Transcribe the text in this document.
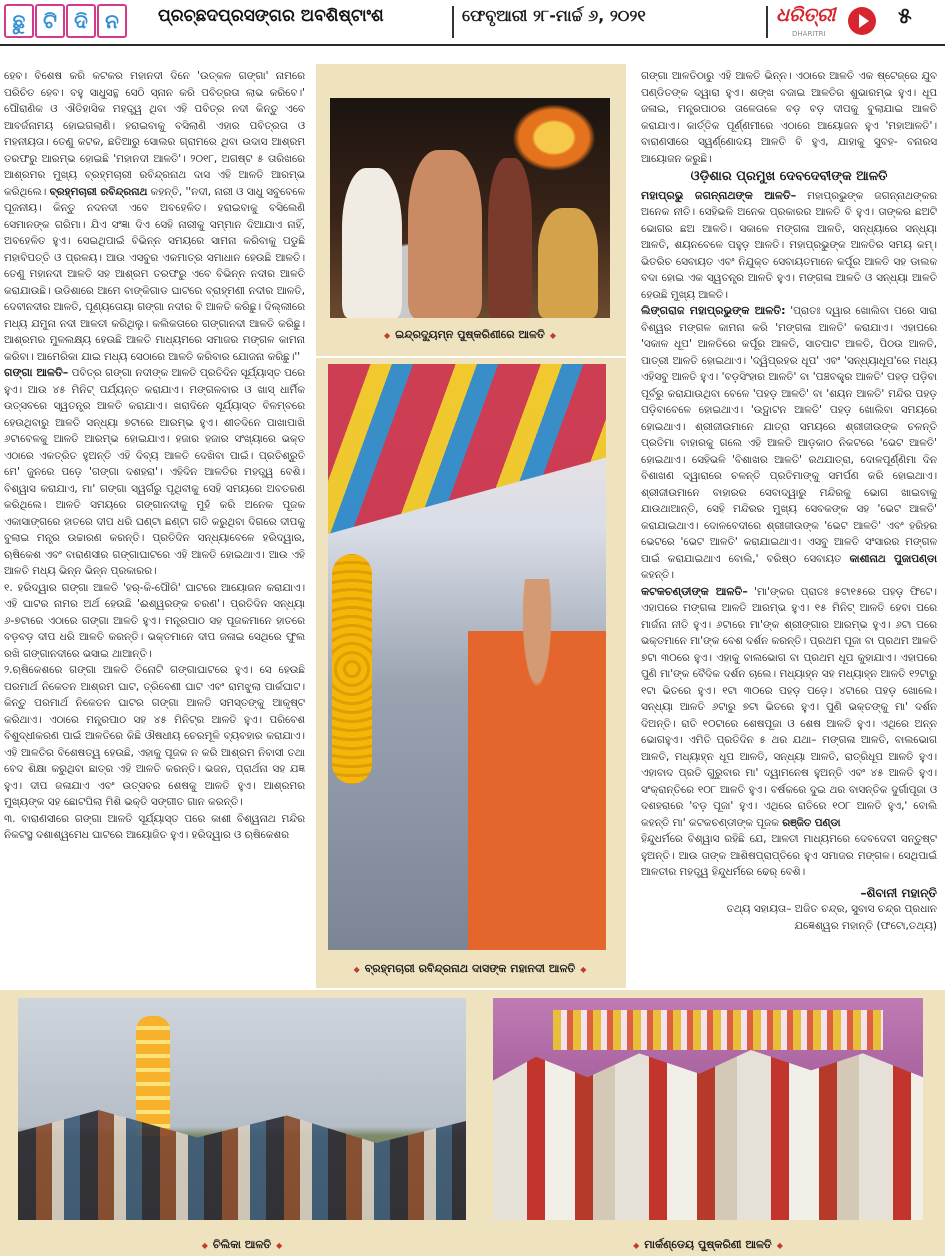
ଛୁ ଟି ଦି ନ	ପ୍ରଚ୍ଛଦପ୍ରସଙ୍ଗର ଅବଶିଷ୍ଟାଂଶ	ଫେବୃଆରୀ ୨୮-ମାର୍ଚ୍ଚ ୬, ୨୦୨୧	ଧରିତ୍ରୀ
DHARITRI
୫

ହେବ। ବିଶେଷ କରି କଟକର ମହାନଦୀ ଦିନେ 'ଉତ୍କଳ ଗଙ୍ଗା' ନାମରେ ପରିଚିତ ହେବ। ବହୁ ସାଧୁସନ୍ଥ ସେଠି ସ୍ନାନ କରି ପବିତ୍ରତା ଲାଭ କରିବେ।' ପୌରାଣିକ ଓ ଐତିହାସିକ ମହତ୍ତ୍ୱ ଥିବା ଏହି ପବିତ୍ର ନଦୀ କିନ୍ତୁ ଏବେ ଆବର୍ଜନାମୟ ହୋଇଗଲାଣି। ହରାଇବାକୁ ବସିଲାଣି ଏହାର ପବିତ୍ରତା ଓ ମହନୀୟତା। ତେଣୁ କଟକ, ଛତିଆରୁ ସୋଲର ଗ୍ରାମରେ ଥିବା ଉଦାସ ଆଶ୍ରମ ତରଫରୁ ଆରମ୍ଭ ହୋଇଛି 'ମହାନଦୀ ଆଳତି'। ୨୦୧୮, ଅଗଷ୍ଟ ୫ ତାରିଖରେ ଆଶ୍ରମର ମୁଖ୍ୟ ବ୍ରହ୍ମଚାରୀ ରବିନ୍ଦ୍ରନାଥ ଦାସ ଏହି ଆଳତି ଆରମ୍ଭ କରିଥିଲେ। ବ୍ରହ୍ମଚାରୀ ରବିନ୍ଦ୍ରନାଥ କହନ୍ତି, ''ନଦୀ, ନାରୀ ଓ ସାଧୁ ସବୁବେଳେ ପୂଜନୀୟ। କିନ୍ତୁ ନଦନଦୀ ଏବେ ଅବହେଳିତ। ହରାଇବାକୁ ବସିଲେଣି ସେମାନଙ୍କ ଗରିମା। ଯିଏ ସଂଜ୍ଞା ଦିଏ ସେହି ନାରୀକୁ ସମ୍ମାନ ଦିଆଯାଏ ନାହିଁ, ଅବହେଳିତ ହୁଏ। ସେଇଥିପାଇଁ ବିଭିନ୍ନ ସମୟରେ ସାମନା କରିବାକୁ ପଡୁଛି ମହାବିପତ୍ତି ଓ ପ୍ରଳୟ। ଆଉ ଏସବୁର ଏକମାତ୍ର ସମାଧାନ ହେଉଛି ଆଳତି। ତେଣୁ ମହାନଦୀ ଆଳତି ସହ ଆଶ୍ରମ ତରଫରୁ ଏବେ ବିଭିନ୍ନ ନଦୀର ଆଳତି କରାଯାଉଛି। ଉଡିଶାରେ ଆମେ ବାଙ୍କିଗାଡ ଘାଟରେ ବ୍ରାହ୍ମଣୀ ନଦୀର ଆଳତି, ଦେବୀନଦୀର ଆଳତି, ପୂଣ୍ୟତୋୟା ଗଙ୍ଗା ନଦୀର ବି ଆଳତି କରିଛୁ। ଦିଲ୍ଲୀରେ ମଧ୍ୟ ଯମୁନା ନଦୀ ଆଳତୀ କରିଥିଲୁ। କଲିକତାରେ ଗଙ୍ଗାନଦୀ ଆଳତି କରିଛୁ। ଆଶ୍ରମର ମୁଳଲକ୍ଷ୍ୟ ହେଉଛି ଆଳତି ମାଧ୍ୟମରେ ସମାଜର ମଙ୍ଗଳ କାମନା କରିବା। ଆମେରିକା ଯାଇ ମଧ୍ୟ ସେଠାରେ ଆଳତି କରିବାର ଯୋଜନା କରିଛୁ।''

ଗଙ୍ଗା ଆଳତି– ପବିତ୍ର ଗଙ୍ଗା ନଦୀଙ୍କ ଆଳତି ପ୍ରତିଦିନ ସୂର୍ଯ୍ୟାସ୍ତ ପରେ ହୁଏ। ଆଉ ୪୫ ମିନିଟ୍ ପର୍ଯ୍ୟନ୍ତ କରାଯାଏ। ମଙ୍ଗଳବାର ଓ ଖାସ୍ ଧାର୍ମିକ ଉତ୍ସବରେ ସ୍ୱତନ୍ତ୍ର ଆଳତି କରାଯାଏ। ଖରାଦିନେ ସୂର୍ଯ୍ୟାସ୍ତ ବିଳମ୍ବରେ ହେଉଥିବାରୁ ଆଳତି ସନ୍ଧ୍ୟା ୭ଟାରେ ଆରମ୍ଭ ହୁଏ। ଶୀତଦିନେ ପାଖାପାଖି ୬ଟାବେଳକୁ ଆଳତି ଆରମ୍ଭ ହୋଇଯାଏ। ହଜାର ହଜାର ସଂଖ୍ୟାରେ ଭକ୍ତ ଏଠାରେ ଏକତ୍ରିତ ହୁଅନ୍ତି ଏହି ଦିବ୍ୟ ଆଳତି ଦେଖିବା ପାଇଁ। ପ୍ରତିଶ୍ରୁତି ମେ' ଜୁନରେ ପଡ଼େ 'ଗଙ୍ଗା ଦଶହରା'। ଏହିଦିନ ଆଳତିର ମହତ୍ତ୍ୱ ବେଶି। ବିଶ୍ୱାସ କରାଯାଏ, ମା' ଗଙ୍ଗା ସ୍ୱର୍ଗରୁ ପୃଥିବୀକୁ ସେହି ସମୟରେ ଅବତରଣ କରିଥିଲେ। ଆଳତି ସମୟରେ ଗଙ୍ଗାନଦୀକୁ ମୁହଁ କରି ଅନେକ ପୂଜକ ଏକାସାଙ୍ଗରେ ହାତରେ ଦୀପ ଧରି ଘଣ୍ଟା ଛଣ୍ଟା ଗତି କରୁଥିବା ଦିଗରେ ଦୀପକୁ ବୁଲାଇ ମନ୍ତ୍ର ଉଚ୍ଚାରଣ କରନ୍ତି। ପ୍ରତିଦିନ ସନ୍ଧ୍ୟାବେଳେ ହରିଦ୍ୱାର, ଋଷିକେଶ ଏବଂ ବାରାଣସୀର ଗଙ୍ଗାଘାଟରେ ଏହି ଆଳତି ହୋଇଥାଏ। ଆଉ ଏହି ଆଳତି ମଧ୍ୟ ଭିନ୍ନ ଭିନ୍ନ ପ୍ରକାରର।

୧. ହରିଦ୍ୱାର ଗଙ୍ଗା ଆଳତି 'ହର୍-କି-ପୌରି' ଘାଟରେ ଆୟୋଜନ କରାଯାଏ। ଏହି ଘାଟର ନାମର ଅର୍ଥ ହେଉଛି 'ଈଶ୍ୱରଙ୍କ ଚରଣ'। ପ୍ରତିଦିନ ସନ୍ଧ୍ୟା ୬-୭ଟାରେ ଏଠାରେ ଗଙ୍ଗା ଆଳତି ହୁଏ। ମନ୍ତ୍ରପାଠ ସହ ପୂଜକମାନେ ହାତରେ ବଡ଼ବଡ଼ ଦୀପ ଧରି ଆଳତି କରନ୍ତି। ଭକ୍ତମାନେ ଦୀପ ଜଳାଇ ସେଥିରେ ଫୁଲ ରଖି ଗଙ୍ଗାନଦୀରେ ଭସାଇ ଥାଆନ୍ତି।

୨.ଋଷିକେଶରେ ଗଙ୍ଗା ଆଳତି ତିନୋଟି ଗଙ୍ଗାଘାଟରେ ହୁଏ। ସେ ହେଉଛି ପରମାର୍ଥ ନିକେତନ ଆଶ୍ରମ ଘାଟ, ତ୍ରିବେଣୀ ଘାଟ ଏବଂ ରାମଝୁଲା ପାର୍କଘାଟ। କିନ୍ତୁ ପରମାର୍ଥ ନିକେତନ ଘାଟର ଗଙ୍ଗା ଆଳତି ସମସ୍ତଙ୍କୁ ଆକୃଷ୍ଟ କରିଥାଏ। ଏଠାରେ ମନ୍ତ୍ରପାଠ ସହ ୪୫ ମିନିଟ୍ର ଆଳତି ହୁଏ। ପରିବେଶ ବିଶୁଦ୍ଧୀକରଣ ପାଇଁ ଆଳତିରେ କିଛି ଔଷଧୀୟ ଚେରମୂଳି ବ୍ୟବହାର କରାଯାଏ। ଏହି ଆଳତିର ବିଶେଷତ୍ୱ ହେଉଛି, ଏହାକୁ ପୂଜକ ନ କରି ଆଶ୍ରମ ନିବାସୀ ତଥା ବେଦ ଶିକ୍ଷା କରୁଥିବା ଛାତ୍ର ଏହି ଆଳତି କରନ୍ତି। ଭଜନ, ପ୍ରାର୍ଥନା ସହ ଯଜ୍ଞ ହୁଏ। ଦୀପ ଜଳାଯାଏ ଏବଂ ଉତ୍ସବର ଶେଷକୁ ଆଳତି ହୁଏ। ଆଶ୍ରମର ମୁଖ୍ୟଙ୍କ ସହ ଛୋଟପିଲା ମିଶି ଭକ୍ତି ସଙ୍ଗୀତ ଗାନ କରନ୍ତି।

୩. ବାରାଣସୀରେ ଗଙ୍ଗା ଆଳତି ସୂର୍ଯ୍ୟାସ୍ତ ପରେ କାଶୀ ବିଶ୍ୱନାଥ ମନ୍ଦିର ନିକଟସ୍ଥ ଦଶାଶ୍ୱମେଧ ଘାଟରେ ଆୟୋଜିତ ହୁଏ। ହରିଦ୍ୱାର ଓ ଋଷିକେଶର

◆ ଇନ୍ଦ୍ରଦ୍ୟୁମ୍ନ ପୁଷ୍କରିଣୀରେ ଆଳତି ◆
◆ ବ୍ରହ୍ମଚାରୀ ରବିନ୍ଦ୍ରନାଥ ଦାସଙ୍କ ମହାନଦୀ ଆଳତି ◆

ଗଙ୍ଗା ଆଳତିଠାରୁ ଏହି ଆଳତି ଭିନ୍ନ। ଏଠାରେ ଆଳତି ଏକ ଷ୍ଟେଜ୍ରେ ଯୁବ ପଣ୍ଡିତଙ୍କ ଦ୍ୱାରା ହୁଏ। ଶଙ୍ଖ ବଜାଇ ଆଳତିର ଶୁଭାରମ୍ଭ ହୁଏ। ଧୂପ ଜଳାଇ, ମନ୍ତ୍ରପାଠର ତାଳେତାଳେ ବଡ଼ ବଡ଼ ଦୀପକୁ ବୁଲାଯାଇ ଆଳତି କରାଯାଏ। କାର୍ତ୍ତିକ ପୂର୍ଣ୍ଣମୀରେ ଏଠାରେ ଆୟୋଜନ ହୁଏ 'ମହାଆଳତି'। ବାରାଣସୀରେ ସ୍ୱର୍ଣ୍ଣୋଦୟ ଆଳତି ବି ହୁଏ, ଯାହାକୁ ସୁବହ- ବନାରସ ଆୟୋଜନ କରୁଛି।

ଓଡ଼ିଶାର ପ୍ରମୁଖ ଦେବଦେବୀଙ୍କ ଆଳତି

ମହାପ୍ରଭୁ ଜଗନ୍ନାଥଙ୍କ ଆଳତି– ମହାପ୍ରଭୁଙ୍କ ଜଗନ୍ନାଥଙ୍କର ଅନେକ ନୀତି। ସେହିଭଳି ଅନେକ ପ୍ରକାରର ଆଳତି ବି ହୁଏ। ତାଙ୍କର ଛଅଟି ଭୋଗର ଛଅ ଆଳତି। ସକାଳେ ମଙ୍ଗଳା ଆଳତି, ସନ୍ଧ୍ୟାରେ ସନ୍ଧ୍ୟା ଆଳତି, ଶୟନବେଳେ ପହୁଡ଼ ଆଳତି। ମହାପ୍ରଭୁଙ୍କ ଆଳତିର ସମୟ କମ୍। ଭିତରିଚ ସେବାୟତ ଏବଂ ନିଯୁକ୍ତ ସେବାୟତମାନେ କର୍ପୂର ଆଳତି ସହ ଡାଲକ ବଦା ହୋଇ ଏକ ସ୍ୱତନ୍ତ୍ର ଆଳତି ହୁଏ। ମଙ୍ଗଳା ଆଳତି ଓ ସନ୍ଧ୍ୟା ଆଳତି ହେଉଛି ମୁଖ୍ୟ ଆଳତି।

ଲିଙ୍ଗରାଜ ମହାପ୍ରଭୁଙ୍କ ଆଳତି: 'ପ୍ରାତଃ ଦ୍ୱାର ଖୋଲିବା ପରେ ସାରା ବିଶ୍ୱର ମଙ୍ଗଳ କାମନା କରି 'ମଙ୍ଗଳା ଆଳତି' କରାଯାଏ। ଏହାପରେ 'ସକାଳ ଧୂପ' ଆଳତିରେ କର୍ପୂର ଆଳତି, ସାତପାଟ ଆଳତି, ପିଠଉ ଆଳତି, ପାତ୍ରୀ ଆଳତି ହୋଇଥାଏ। 'ଦ୍ୱିପ୍ରହର ଧୂପ' ଏବଂ 'ସନ୍ଧ୍ୟାଧୂପ'ରେ ମଧ୍ୟ ଏହିସବୁ ଆଳତି ହୁଏ। 'ବଡ଼ସିଂହାର ଆଳତି' ବା 'ପଞ୍ଚବକ୍ତ୍ର ଆଳତି' ପହଡ଼ ପଡ଼ିବା ପୂର୍ବରୁ କରାଯାଉଥିବା ବେଳେ 'ପହଡ଼ ଆଳତି' ବା 'ଶୟନ ଆଳତି' ମନ୍ଦିର ପହଡ଼ ପଡ଼ିବାବେଳେ ହୋଇଥାଏ। 'ଉଦ୍ଘାଟନ ଆଳତି' ପହଡ଼ ଖୋଲିବା ସମୟରେ ହୋଇଥାଏ। ଶ୍ରୀଜୀଉମାନେ ଯାତ୍ରା ସମୟରେ ଶ୍ରୀଜୀଉଙ୍କ ଚଳନ୍ତି ପ୍ରତିମା ବାହାରକୁ ଗଲେ ଏହି ଆଳତି ଆଡ଼କାଠ ନିକଟରେ 'ଭେଟ ଆଳତି' ହୋଇଥାଏ। ସେହିଭଳି 'ବିଶାଖର ଆଳତି' ରଥଯାତ୍ରା, ଦୋଳପୂର୍ଣ୍ଣିମା ଦିନ ବିଶାଖଣ ଦ୍ୱାରାରେ ଚଳନ୍ତି ପ୍ରତିମାଙ୍କୁ ସମର୍ପଣ କରି ହୋଇଥାଏ। ଶ୍ରୀଜୀଉମାନେ ବାହାରର ସେବାଦ୍ୱାରୁ ମନ୍ଦିରକୁ ଭୋଗ ଖାଇବାକୁ ଯାଉଥାଆନ୍ତି, ସେହି ମନ୍ଦିରର ମୁଖ୍ୟ ସେବକଙ୍କ ସହ 'ଭେଟ ଆଳତି' କରାଯାଇଥାଏ। ଦୋଳବେଦୀରେ ଶ୍ରୀଜୀଉଙ୍କ 'ଭେଟ ଆଳତି' ଏବଂ ହରିହର ଭେଟରେ 'ଭେଟ ଆଳତି' କରାଯାଇଥାଏ। ଏସବୁ ଆଳତି ସଂସାରର ମଙ୍ଗଳ ପାଇଁ କରାଯାଇଥାଏ ବୋଲି,' ବରିଷ୍ଠ ସେବାୟତ କାଶୀନାଥ ପୁଜାପଣ୍ଡା କହନ୍ତି।

କଟକଚଣ୍ଡୀଙ୍କ ଆଳତି– 'ମା'ଙ୍କର ପ୍ରାତଃ ୫ଟା୧୫ରେ ପହଡ଼ ଫିଟେ। ଏହାପରେ ମଙ୍ଗଳା ଆଳତି ଆରମ୍ଭ ହୁଏ। ୧୫ ମିନିଟ୍ ଆଳତି ହେବା ପରେ ମାର୍ଜନା ନୀତି ହୁଏ। ୬ଟାରେ ମା'ଙ୍କ ଶ୍ରୀଙ୍ଗାର ଆରମ୍ଭ ହୁଏ। ୬ଟା ପରେ ଭକ୍ତମାନେ ମା'ଙ୍କ ବେଶ ଦର୍ଶନ କରନ୍ତି। ପ୍ରଥମ ପୂଜା ବା ପ୍ରଥମ ଆଳତି ୭ଟା ୩୦ରେ ହୁଏ। ଏହାକୁ ବାଲଭୋଗ ବା ପ୍ରଥମ ଧୂପ କୁହାଯାଏ। ଏହାପରେ ପୁଣି ମା'ଙ୍କ ବୈଦିକ ଦର୍ଶନ ଚାଲେ। ମଧ୍ୟାହ୍ନ ସହ ମଧ୍ୟାହ୍ନ ଆଳତି ୧୨ଟାରୁ ୧ଟା ଭିତରେ ହୁଏ। ୧ଟା ୩୦ରେ ପହଡ଼ ପଡ଼େ। ୪ଟାରେ ପହଡ଼ ଖୋଲେ। ସନ୍ଧ୍ୟା ଆଳତି ୬ଟାରୁ ୭ଟା ଭିତରେ ହୁଏ। ପୁଣି ଭକ୍ତଙ୍କୁ ମା' ଦର୍ଶନ ଦିଅନ୍ତି। ରାତି ୧୦ଟାରେ ଶେଷପୂଜା ଓ ଶେଷ ଆଳତି ହୁଏ। ଏଥିରେ ଅନ୍ନ ଭୋଗହୁଏ। ଏମିତି ପ୍ରତିଦିନ ୫ ଥର ଯଥା– ମଙ୍ଗଳା ଆଳତି, ବାଲଭୋଗ ଆଳତି, ମଧ୍ୟାହ୍ନ ଧୂପ ଆଳତି, ସନ୍ଧ୍ୟା ଆଳତି, ରାତ୍ରିଧୂପ ଆଳତି ହୁଏ। ଏହାବାଦ ପ୍ରତି ଗୁରୁବାର ମା' ଦ୍ୱାମନେଷ ହୁଅନ୍ତି ଏବଂ ୪୫ ଆଳତି ହୁଏ। ସଂକ୍ରାନ୍ତିରେ ୧୦୮ ଆଳତି ହୁଏ। ବର୍ଷକରେ ଦୁଇ ଥର ବାସନ୍ତିକ ଦୁର୍ଗାପୂଜା ଓ ଦଶହରାରେ 'ବଡ଼ ପୂଜା' ହୁଏ। ଏଥିରେ ରାତିରେ ୧୦୮ ଆଳତି ହୁଏ,' ବୋଲି କହନ୍ତି ମା' କଟକଚଣ୍ଡୀଙ୍କ ପୂଜକ ରଞ୍ଜିତ ପଣ୍ଡା

ହିନ୍ଦୁଧର୍ମରେ ବିଶ୍ୱାସ ରହିଛି ଯେ, ଆଳତୀ ମାଧ୍ୟମରେ ଦେବଦେବୀ ସନ୍ତୁଷ୍ଟ ହୁଅନ୍ତି। ଆଉ ତାଙ୍କ ଆଶିଷପ୍ରାପ୍ତିରେ ହୁଏ ସମାଜର ମଙ୍ଗଳ। ସେଥିପାଇଁ ଆଳତୀର ମହତ୍ତ୍ୱ ହିନ୍ଦୁଧର୍ମରେ ଢେର୍ ବେଶି।

–ଶିବାନୀ ମହାନ୍ତି

ତଥ୍ୟ ସହାୟତା– ଅଜିତ ଚନ୍ଦ୍ର, ସୁବାସ ଚନ୍ଦ୍ର ପ୍ରଧାନ

ଯଜ୍ଞେଶ୍ୱର ମହାନ୍ତି (ଫଟୋ,ତଥ୍ୟ)

◆ ଚିଲିକା ଆଳତି ◆
◆	ମାର୍କଣ୍ଡେୟ ପୁଷ୍କରିଣୀ ଆଳତି ◆
